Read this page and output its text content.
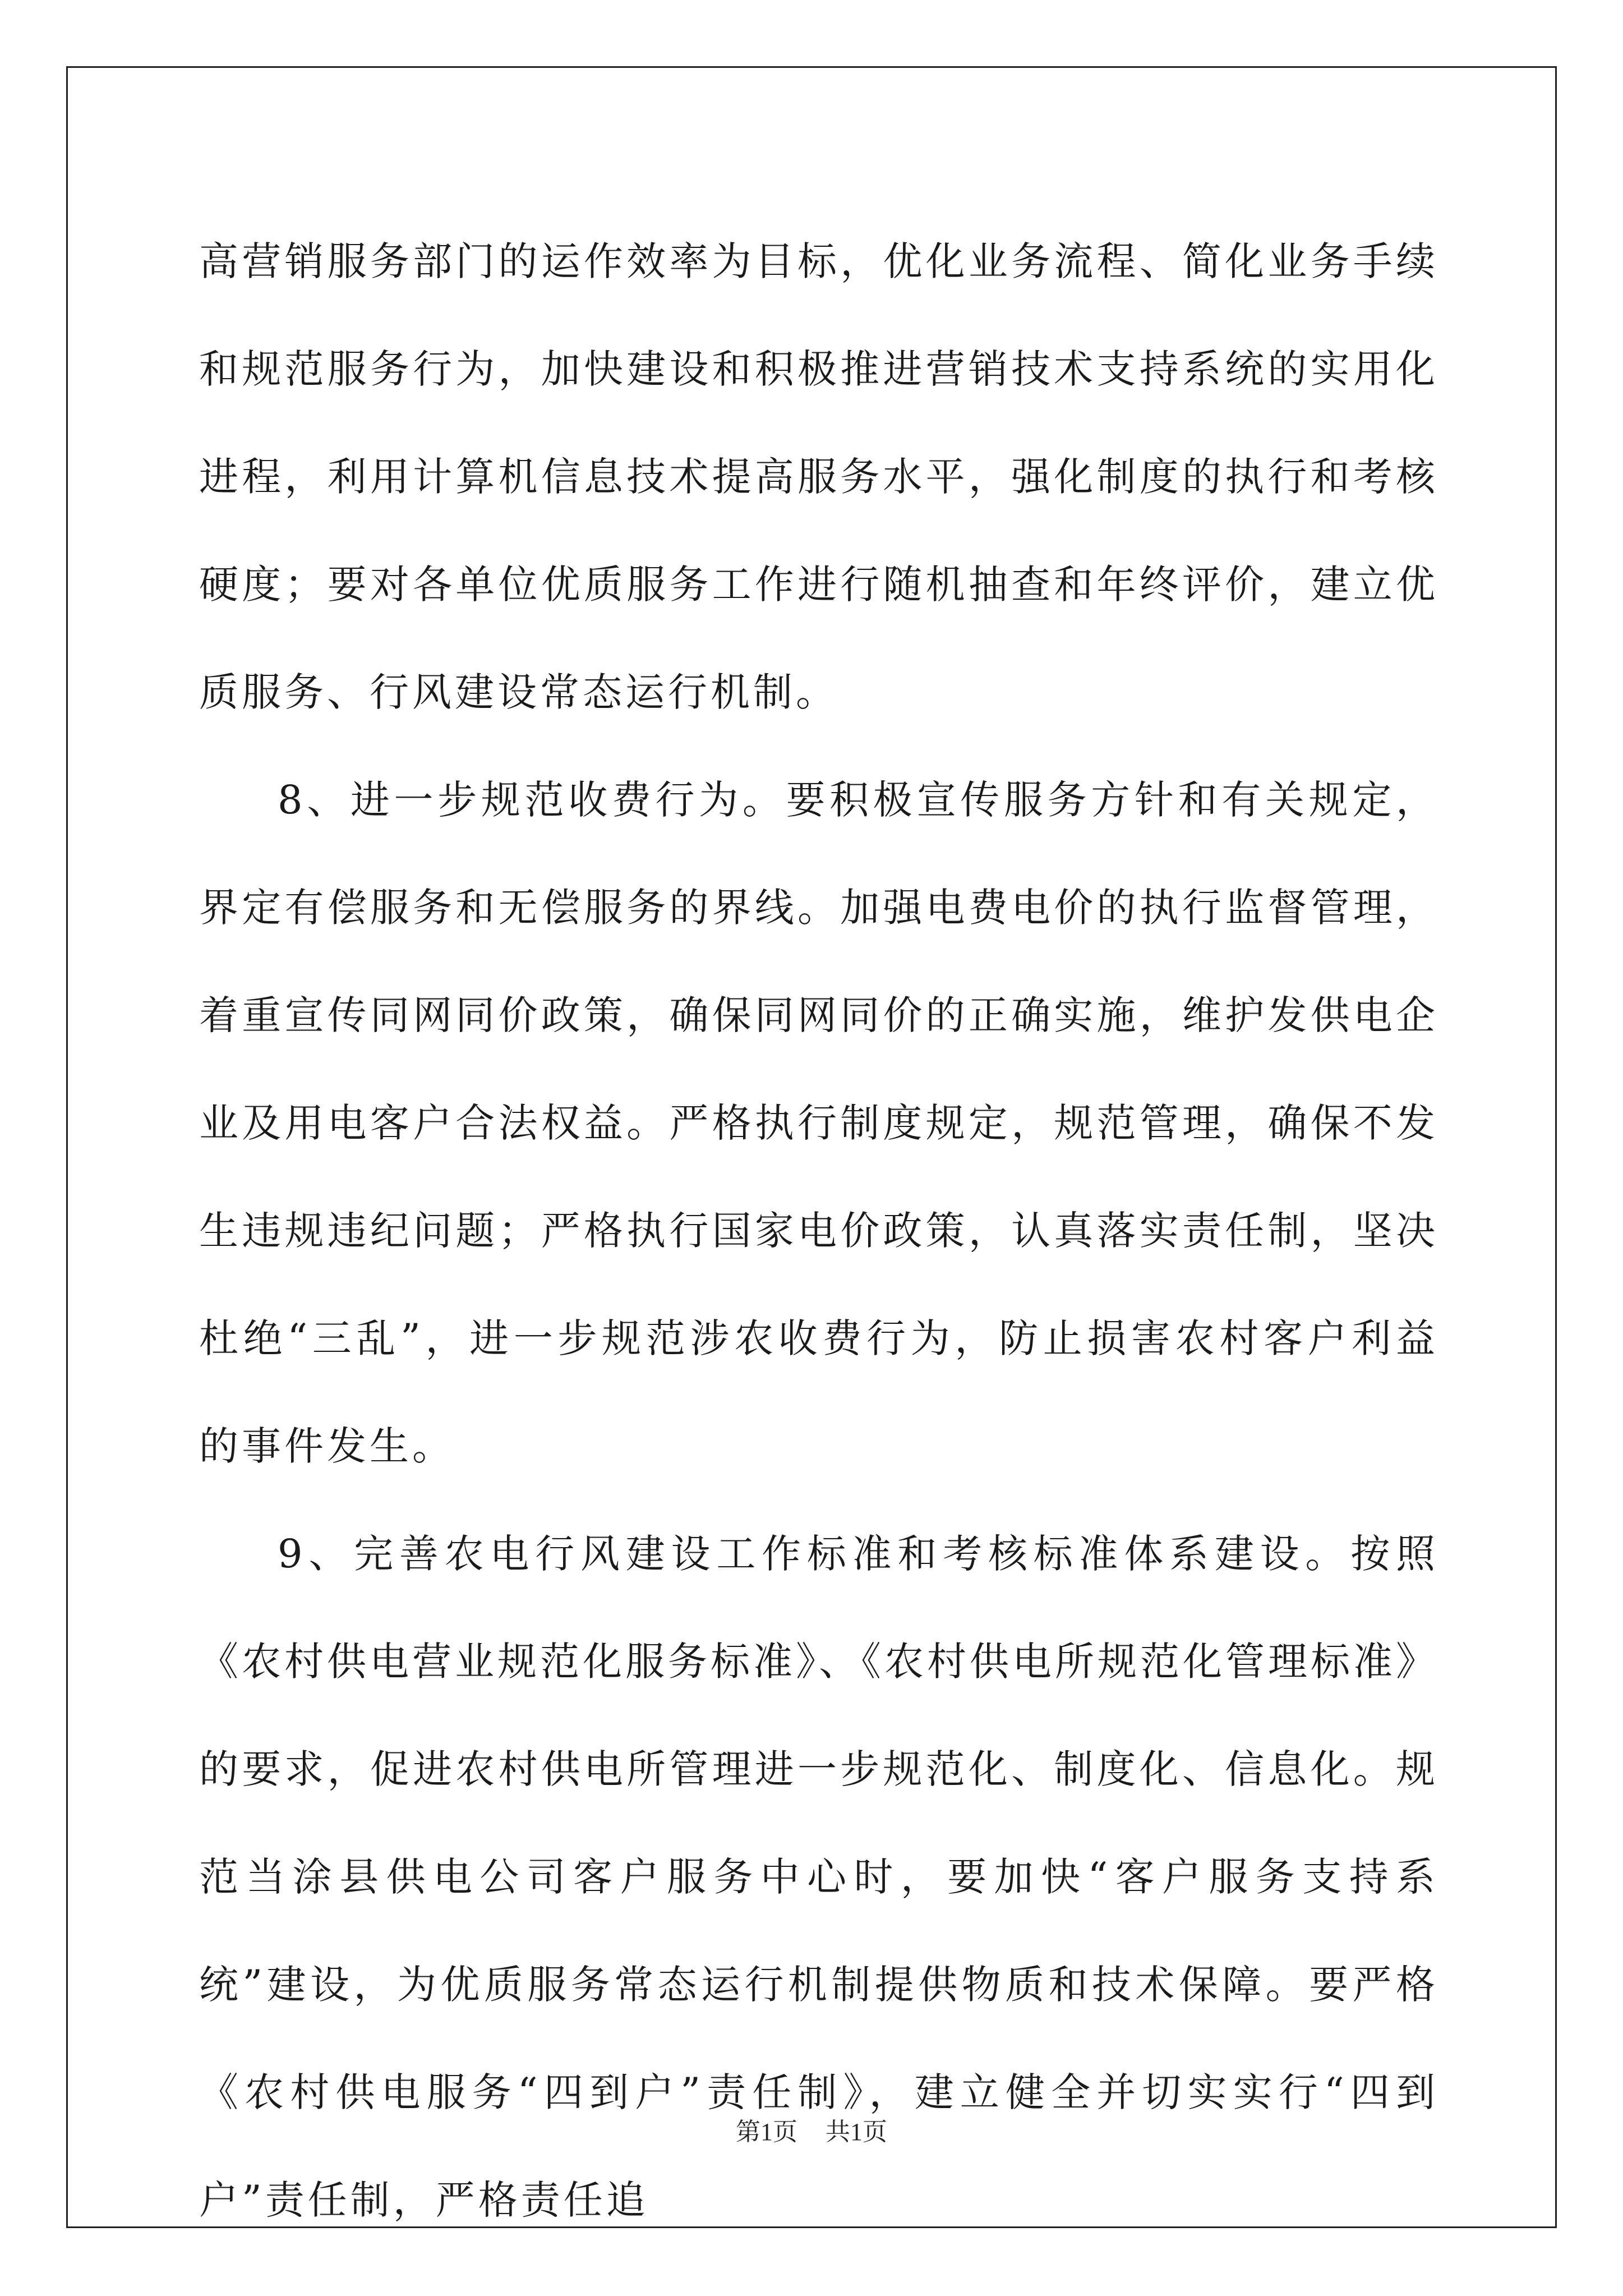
高营销服务部门的运作效率为目标，优化业务流程、简化业务手续和规范服务行为，加快建设和积极推进营销技术支持系统的实用化进程，利用计算机信息技术提高服务水平，强化制度的执行和考核硬度；要对各单位优质服务工作进行随机抽查和年终评价，建立优质服务、行风建设常态运行机制。

8、进一步规范收费行为。要积极宣传服务方针和有关规定，界定有偿服务和无偿服务的界线。加强电费电价的执行监督管理，着重宣传同网同价政策，确保同网同价的正确实施，维护发供电企业及用电客户合法权益。严格执行制度规定，规范管理，确保不发生违规违纪问题；严格执行国家电价政策，认真落实责任制，坚决杜绝“三乱”，进一步规范涉农收费行为，防止损害农村客户利益的事件发生。

9、完善农电行风建设工作标准和考核标准体系建设。按照《农村供电营业规范化服务标准》、《农村供电所规范化管理标准》的要求，促进农村供电所管理进一步规范化、制度化、信息化。规范当涂县供电公司客户服务中心时，要加快“客户服务支持系统”建设，为优质服务常态运行机制提供物质和技术保障。要严格《农村供电服务“四到户”责任制》，建立健全并切实实行“四到户”责任制，严格责任追

第1页 共1页
